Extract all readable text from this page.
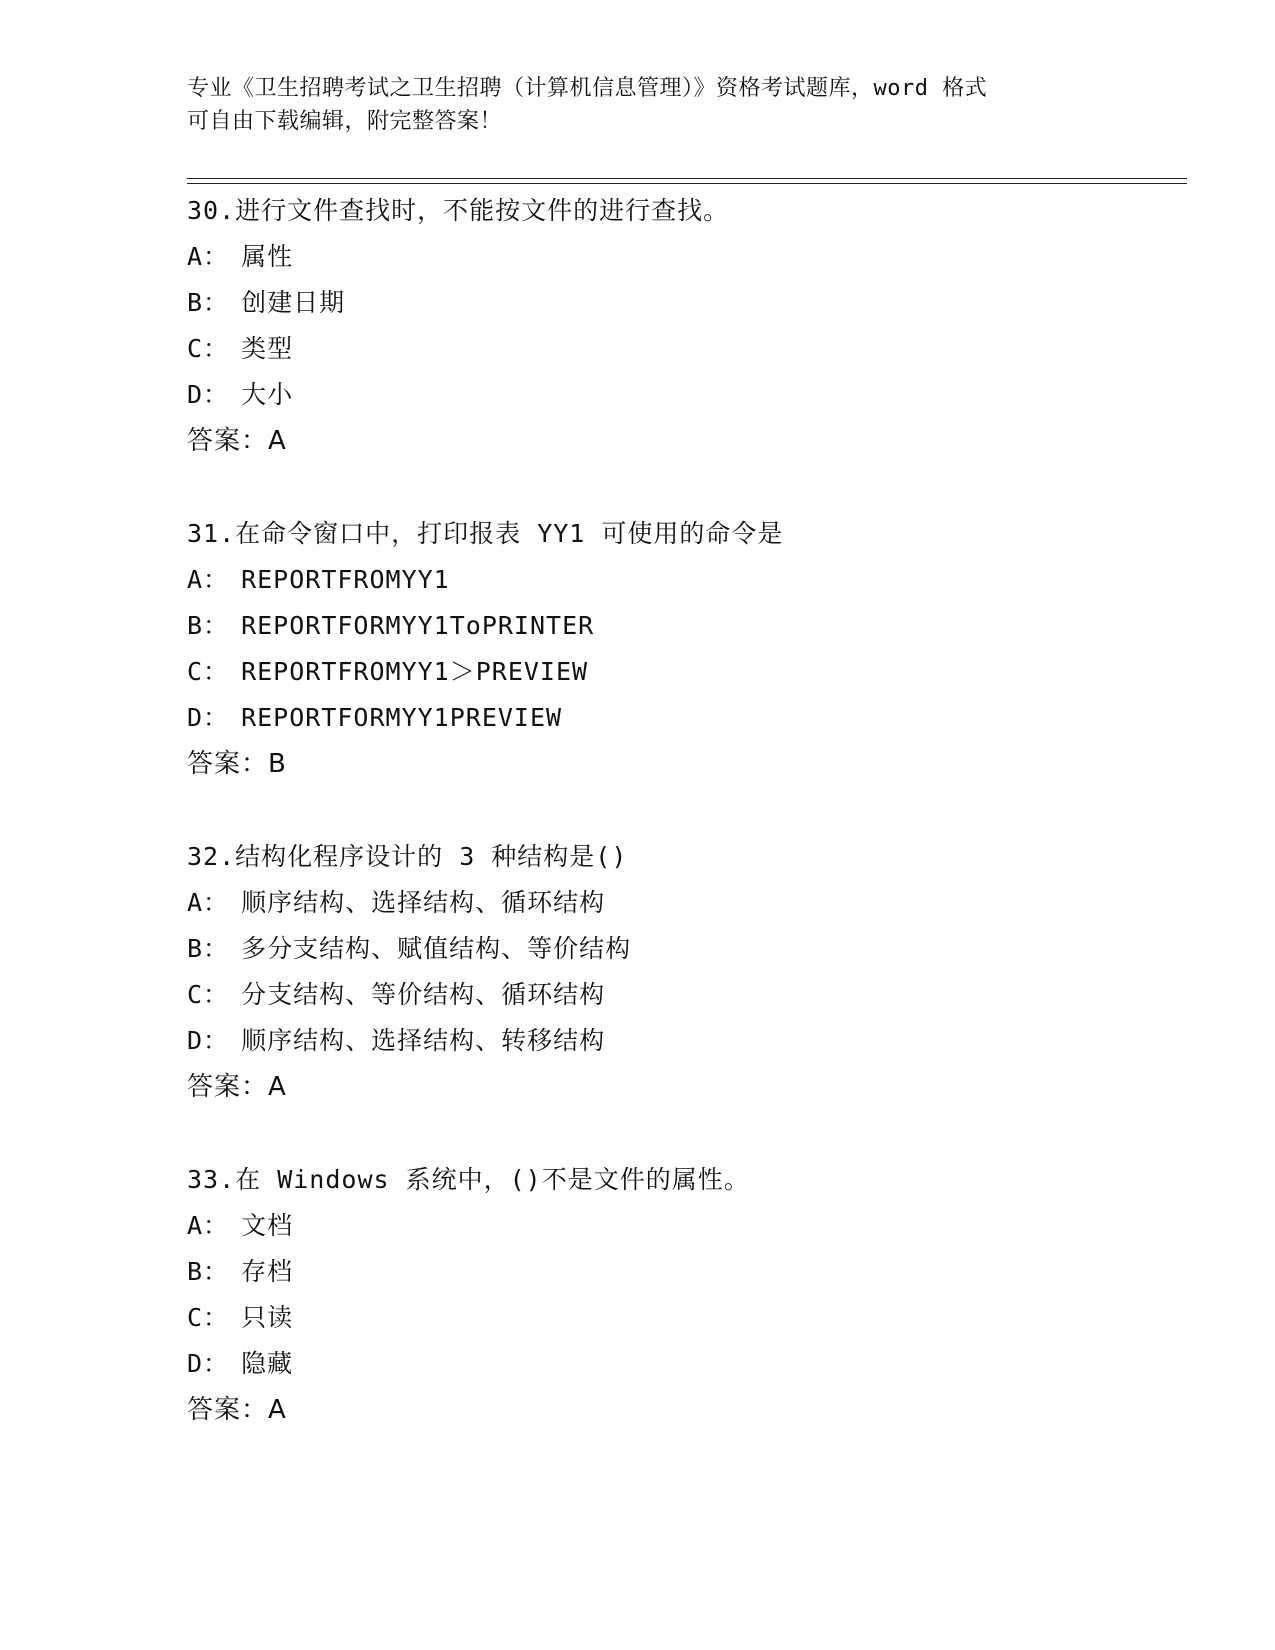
专业《卫生招聘考试之卫生招聘（计算机信息管理）》资格考试题库，word 格式
可自由下载编辑，附完整答案！
30.进行文件查找时，不能按文件的进行查找。
A： 属性
B： 创建日期
C： 类型
D： 大小
答案：A
31.在命令窗口中，打印报表 YY1 可使用的命令是
A： REPORTFROMYY1
B： REPORTFORMYY1ToPRINTER
C： REPORTFROMYY1＞PREVIEW
D： REPORTFORMYY1PREVIEW
答案：B
32.结构化程序设计的 3 种结构是()
A： 顺序结构、选择结构、循环结构
B： 多分支结构、赋值结构、等价结构
C： 分支结构、等价结构、循环结构
D： 顺序结构、选择结构、转移结构
答案：A
33.在 Windows 系统中，()不是文件的属性。
A： 文档
B： 存档
C： 只读
D： 隐藏
答案：A
